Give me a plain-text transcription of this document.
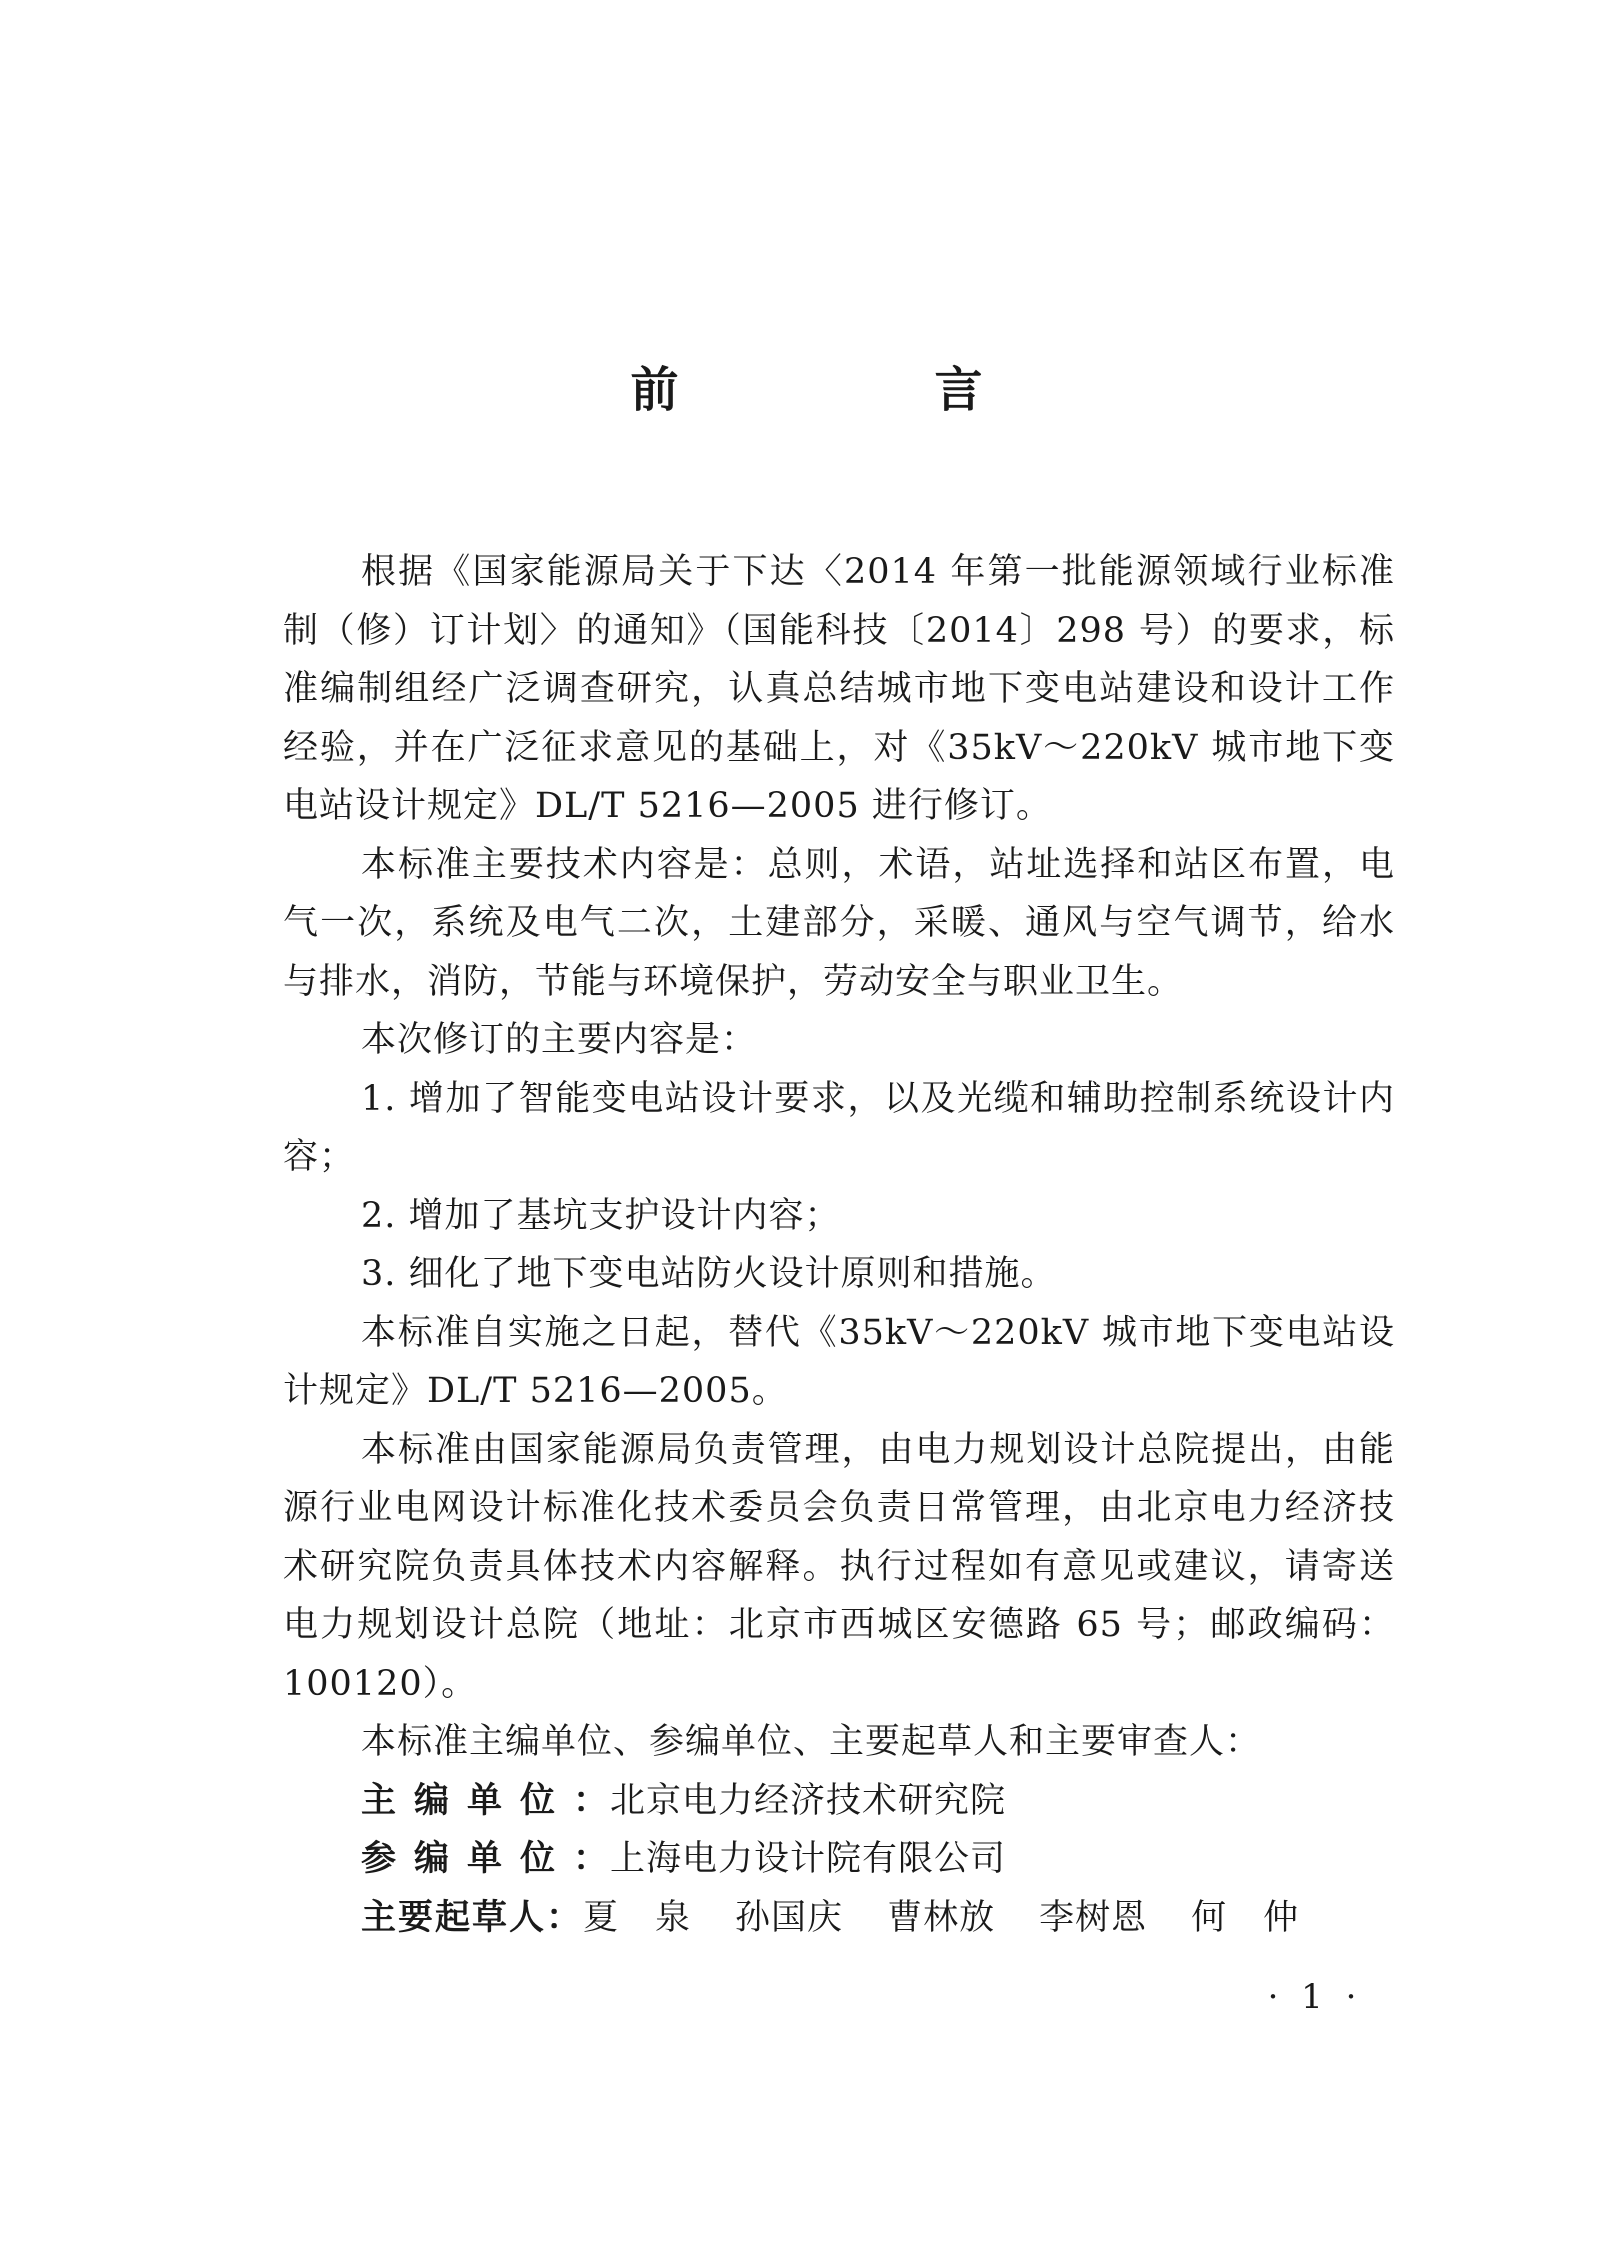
前　言

根据《国家能源局关于下达〈2014 年第一批能源领域行业标准制（修）订计划〉的通知》（国能科技〔2014〕298 号）的要求，标准编制组经广泛调查研究，认真总结城市地下变电站建设和设计工作经验，并在广泛征求意见的基础上，对《35kV～220kV 城市地下变电站设计规定》DL/T 5216—2005 进行修订。

本标准主要技术内容是：总则，术语，站址选择和站区布置，电气一次，系统及电气二次，土建部分，采暖、通风与空气调节，给水与排水，消防，节能与环境保护，劳动安全与职业卫生。

本次修订的主要内容是：

1. 增加了智能变电站设计要求，以及光缆和辅助控制系统设计内容；

2. 增加了基坑支护设计内容；

3. 细化了地下变电站防火设计原则和措施。

本标准自实施之日起，替代《35kV～220kV 城市地下变电站设计规定》DL/T 5216—2005。

本标准由国家能源局负责管理，由电力规划设计总院提出，由能源行业电网设计标准化技术委员会负责日常管理，由北京电力经济技术研究院负责具体技术内容解释。执行过程如有意见或建议，请寄送电力规划设计总院（地址：北京市西城区安德路 65 号；邮政编码：100120）。

本标准主编单位、参编单位、主要起草人和主要审查人：

主编单位：北京电力经济技术研究院

参编单位：上海电力设计院有限公司

主要起草人：夏　泉 孙国庆 曹林放 李树恩 何　仲

· 1 ·
